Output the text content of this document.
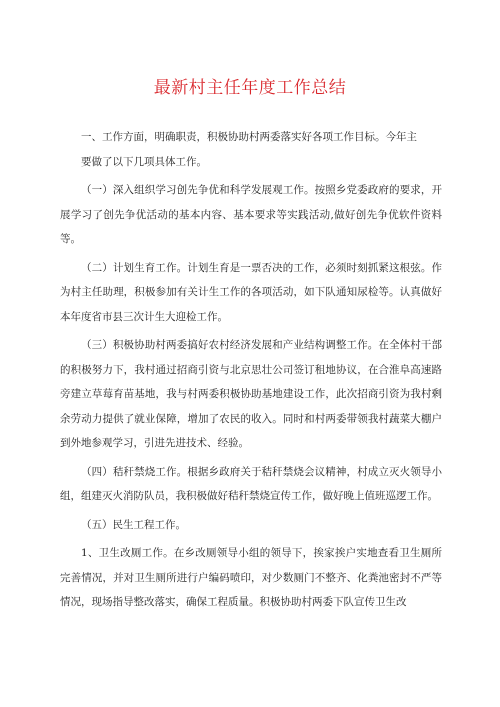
最新村主任年度工作总结

一、工作方面，明确职责，积极协助村两委落实好各项工作目标。今年主

要做了以下几项具体工作。

（一）深入组织学习创先争优和科学发展观工作。按照乡党委政府的要求，开展学习了创先争优活动的基本内容、基本要求等实践活动,做好创先争优软件资料等。

（二）计划生育工作。计划生育是一票否决的工作，必须时刻抓紧这根弦。作为村主任助理，积极参加有关计生工作的各项活动，如下队通知尿检等。认真做好本年度省市县三次计生大迎检工作。

（三）积极协助村两委搞好农村经济发展和产业结构调整工作。在全体村干部的积极努力下，我村通过招商引资与北京思壮公司签订租地协议，在合淮阜高速路旁建立草莓育苗基地，我与村两委积极协助基地建设工作，此次招商引资为我村剩余劳动力提供了就业保障，增加了农民的收入。同时和村两委带领我村蔬菜大棚户到外地参观学习，引进先进技术、经验。

（四）秸秆禁烧工作。根据乡政府关于秸秆禁烧会议精神，村成立灭火领导小组，组建灭火消防队员，我积极做好秸秆禁烧宣传工作，做好晚上值班巡逻工作。

（五）民生工程工作。

1、卫生改厕工作。在乡改厕领导小组的领导下，挨家挨户实地查看卫生厕所完善情况，并对卫生厕所进行户编码喷印，对少数厕门不整齐、化粪池密封不严等情况，现场指导整改落实，确保工程质量。积极协助村两委下队宣传卫生改
